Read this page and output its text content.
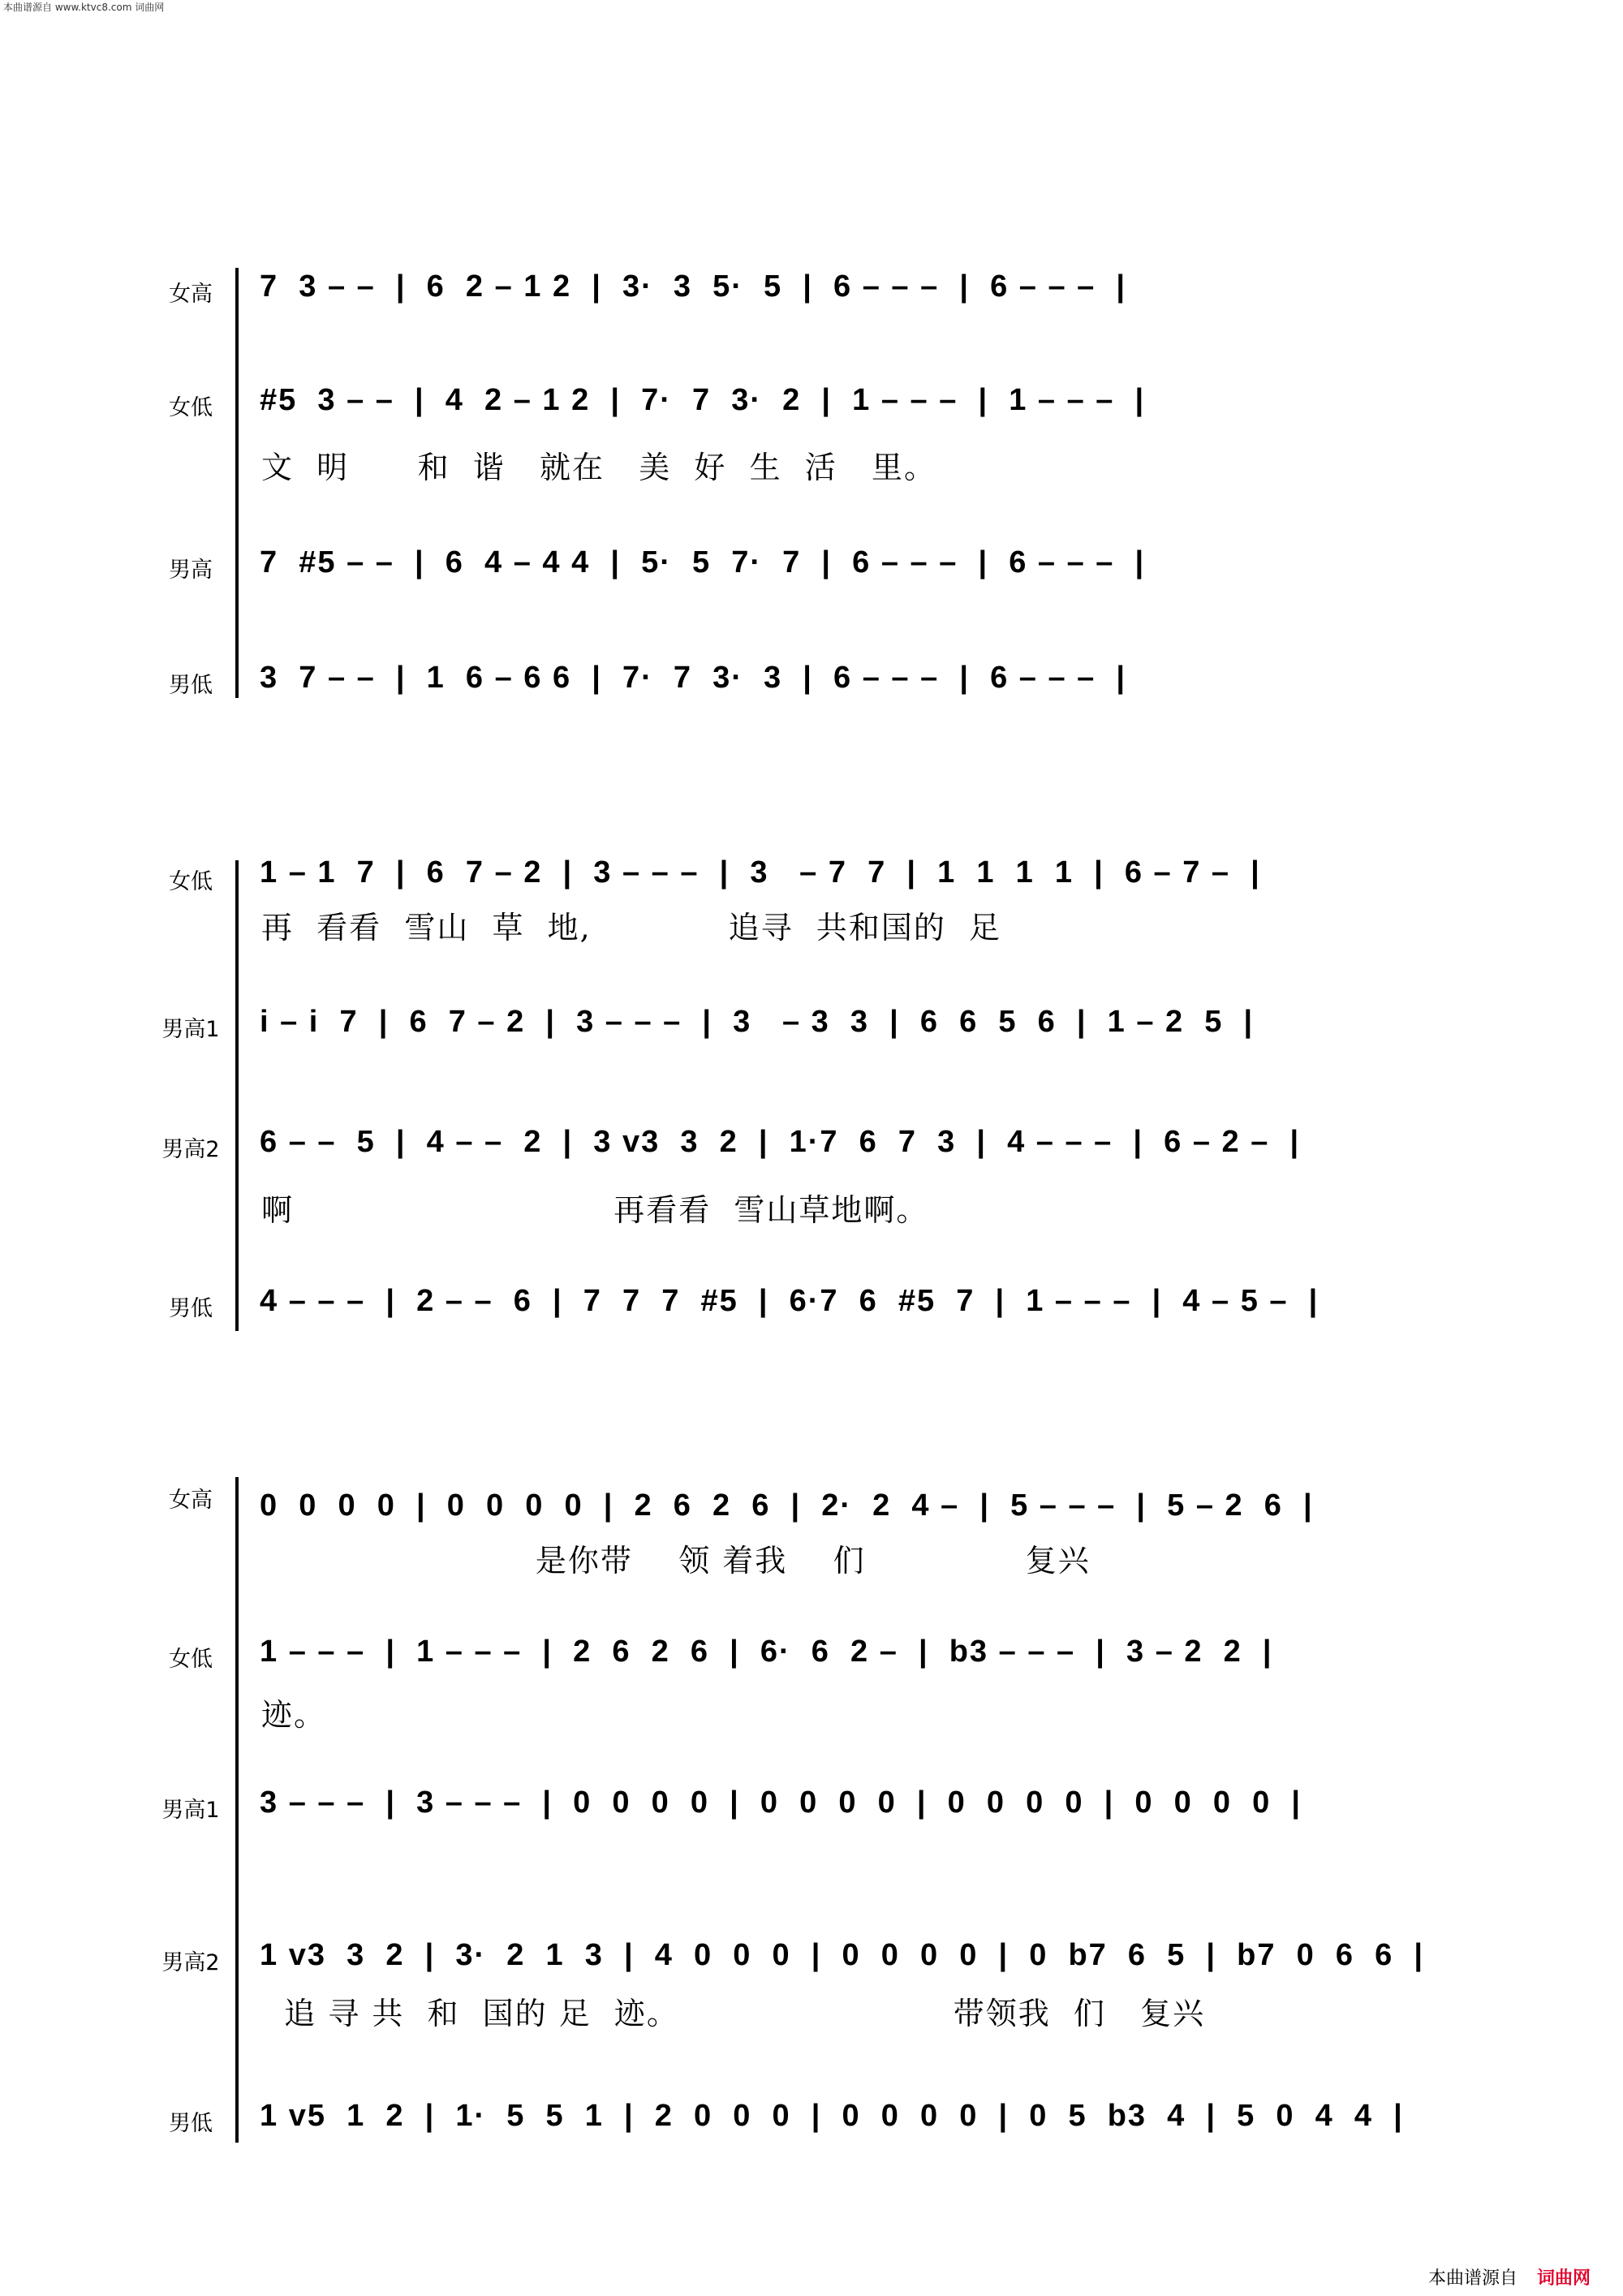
本曲谱源自 www.ktvc8.com 词曲网
女高	7  3 – –  |  6  2 – 1 2  |  3·  3  5·  5  |  6 – – –  |  6 – – –  |
女低	#5  3 – –  |  4  2 – 1 2  |  7·  7  3·  2  |  1 – – –  |  1 – – –  |
文  明      和  谐   就在   美  好  生  活   里。
男高	7  #5 – –  |  6  4 – 4 4  |  5·  5  7·  7  |  6 – – –  |  6 – – –  |
男低	3  7 – –  |  1  6 – 6 6  |  7·  7  3·  3  |  6 – – –  |  6 – – –  |
女低	1 – 1  7  |  6  7 – 2  |  3 – – –  |  3   – 7  7  |  1  1  1  1  |  6 – 7 –  |
再  看看  雪山  草  地,            追寻  共和国的  足
男高1	i – i  7  |  6  7 – 2  |  3 – – –  |  3   – 3  3  |  6  6  5  6  |  1 – 2  5  |
男高2	6 – –  5  |  4 – –  2  |  3 v3  3  2  |  1·7  6  7  3  |  4 – – –  |  6 – 2 –  |
啊                            再看看  雪山草地啊。
男低	4 – – –  |  2 – –  6  |  7  7  7  #5  |  6·7  6  #5  7  |  1 – – –  |  4 – 5 –  |
女高	0  0  0  0  |  0  0  0  0  |  2  6  2  6  |  2·  2  4 –  |  5 – – –  |  5 – 2  6  |
是你带    领 着我    们              复兴
女低	1 – – –  |  1 – – –  |  2  6  2  6  |  6·  6  2 –  |  b3 – – –  |  3 – 2  2  |
迹。
男高1	3 – – –  |  3 – – –  |  0  0  0  0  |  0  0  0  0  |  0  0  0  0  |  0  0  0  0  |
男高2	1 v3  3  2  |  3·  2  1  3  |  4  0  0  0  |  0  0  0  0  |  0  b7  6  5  |  b7  0  6  6  |
追 寻 共  和  国的 足  迹。                        带领我  们   复兴
男低	1 v5  1  2  |  1·  5  5  1  |  2  0  0  0  |  0  0  0  0  |  0  5  b3  4  |  5  0  4  4  |
本曲谱源自 词曲网
